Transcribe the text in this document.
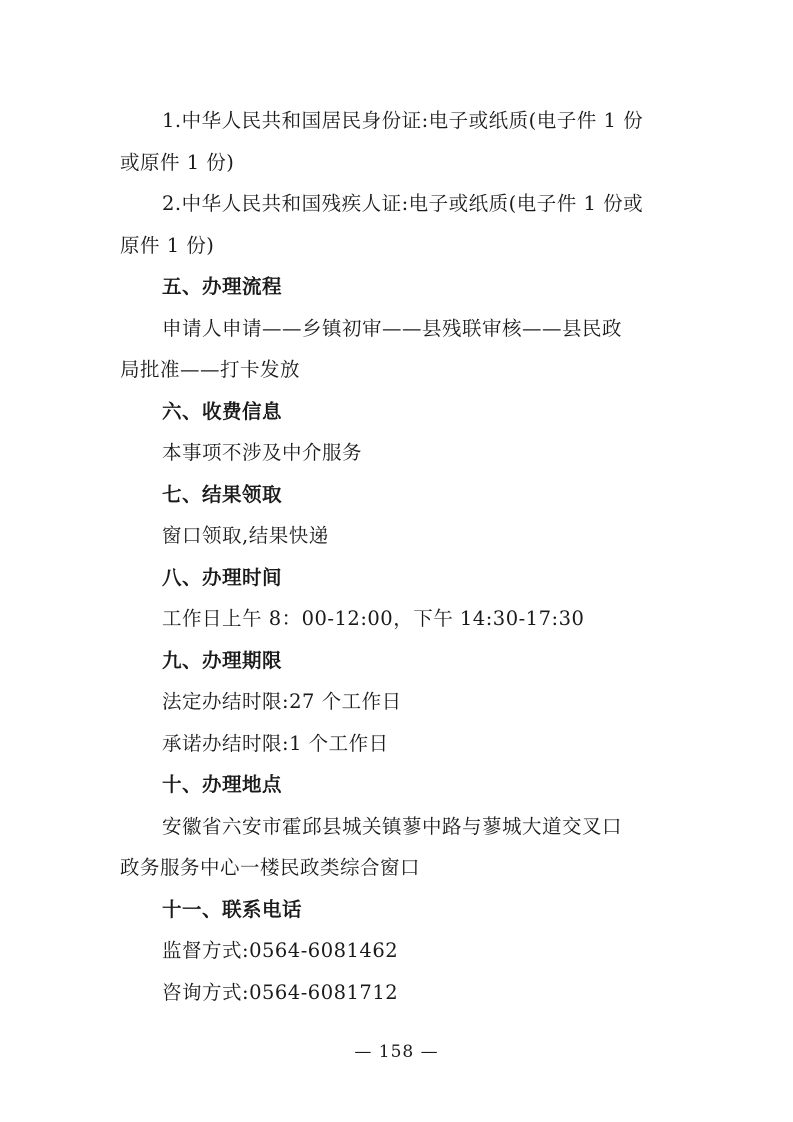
1.中华人民共和国居民身份证:电子或纸质(电子件 1 份

或原件 1 份)

2.中华人民共和国残疾人证:电子或纸质(电子件 1 份或

原件 1 份)

五、办理流程

申请人申请——乡镇初审——县残联审核——县民政

局批准——打卡发放

六、收费信息

本事项不涉及中介服务

七、结果领取

窗口领取,结果快递

八、办理时间

工作日上午 8：00-12:00，下午 14:30-17:30

九、办理期限

法定办结时限:27 个工作日

承诺办结时限:1 个工作日

十、办理地点

安徽省六安市霍邱县城关镇蓼中路与蓼城大道交叉口

政务服务中心一楼民政类综合窗口

十一、联系电话

监督方式:0564-6081462

咨询方式:0564-6081712

— 158 —
